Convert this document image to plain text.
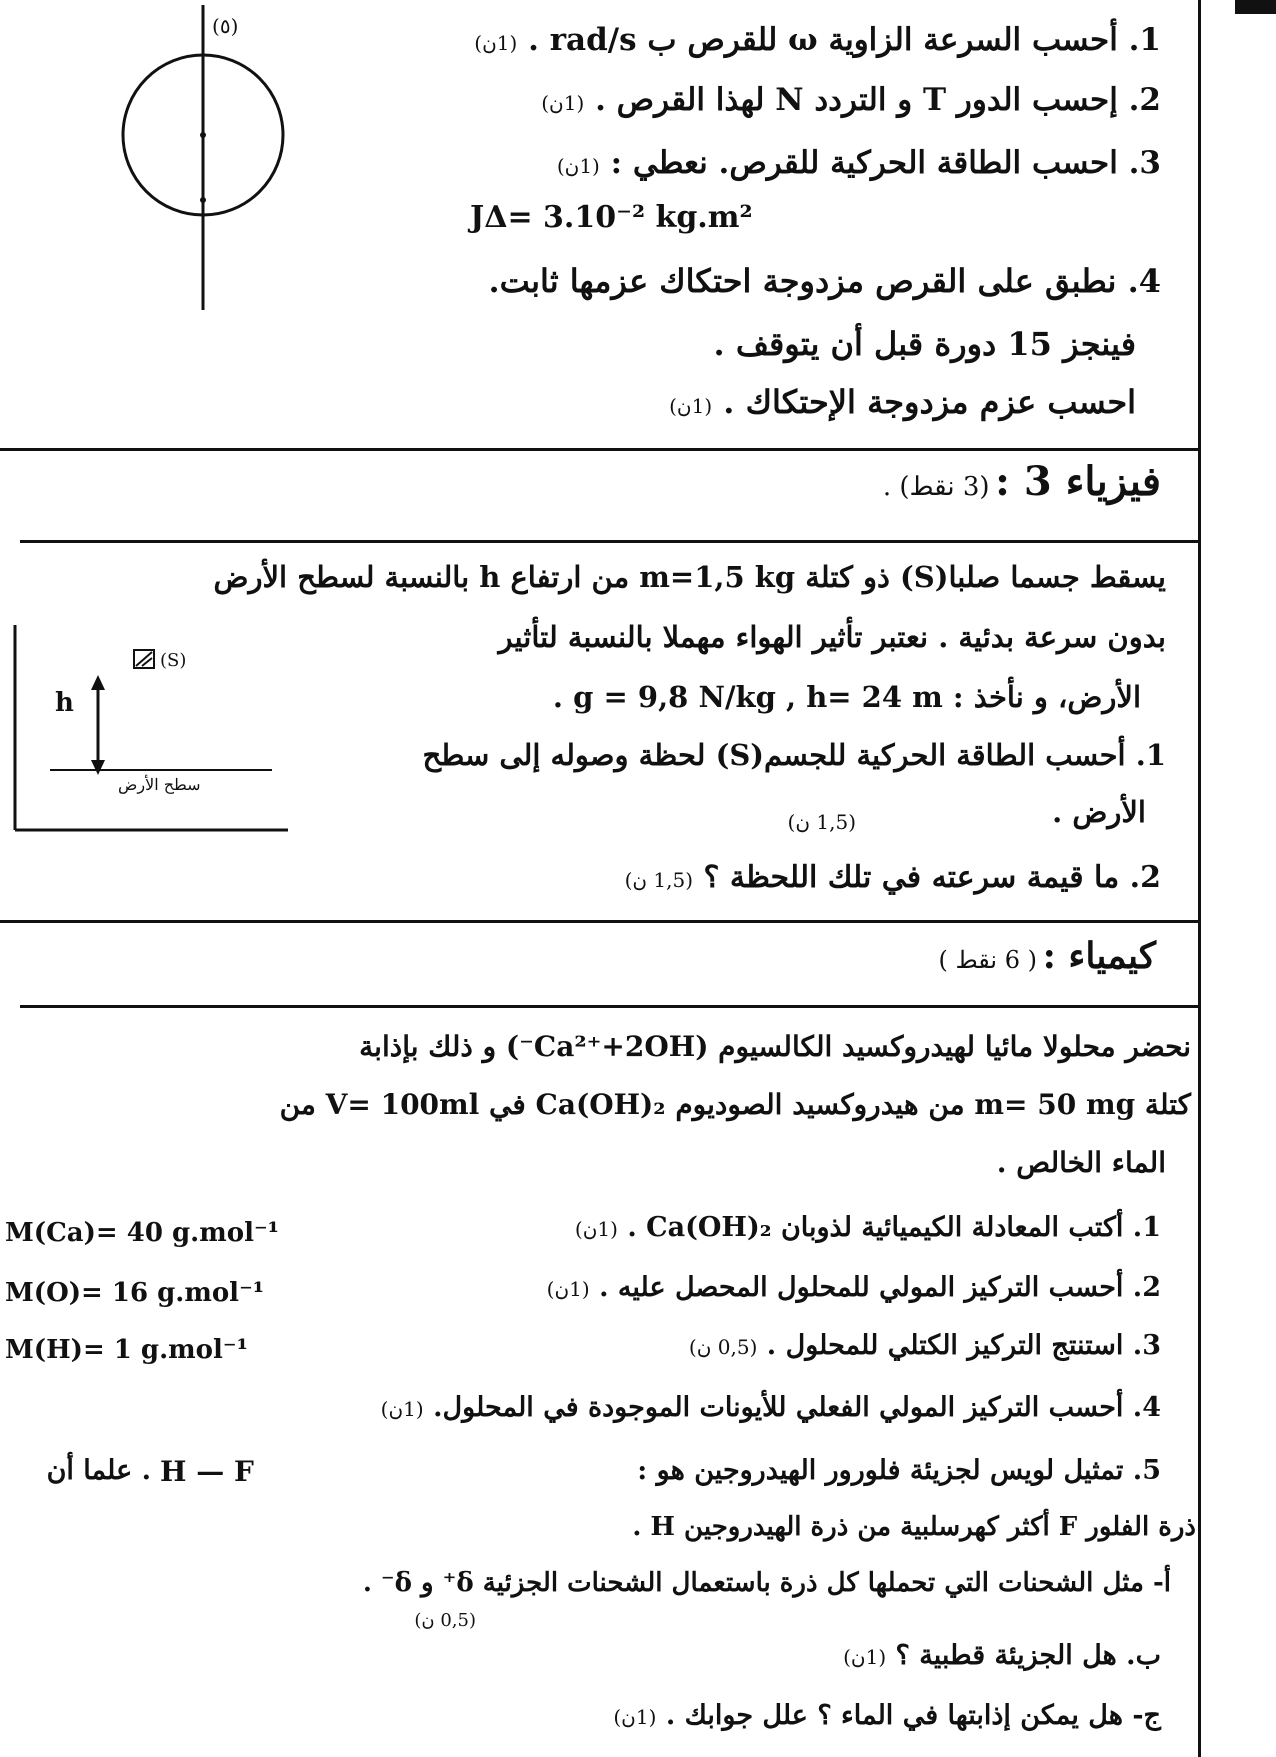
(٥)	1. أحسب السرعة الزاوية ω للقرص ب rad/s . (1ن)
2. إحسب الدور T و التردد N لهذا القرص . (1ن)
3. احسب الطاقة الحركية للقرص. نعطي : (1ن)
JΔ= 3.10⁻² kg.m²
4. نطبق على القرص مزدوجة احتكاك عزمها ثابت.
فينجز 15 دورة قبل أن يتوقف .
احسب عزم مزدوجة الإحتكاك . (1ن)
فيزياء 3 : (3 نقط) .
يسقط جسما صلبا(S) ذو كتلة m=1,5 kg من ارتفاع h بالنسبة لسطح الأرض
بدون سرعة بدئية . نعتبر تأثير الهواء مهملا بالنسبة لتأثير
الأرض، و نأخذ : g = 9,8 N/kg , h= 24 m .
h
(S)
سطح الأرض
1. أحسب الطاقة الحركية للجسم(S) لحظة وصوله إلى سطح
الأرض .
(1,5 ن)
2. ما قيمة سرعته في تلك اللحظة ؟ (1,5 ن)
كيمياء : ( 6 نقط )
نحضر محلولا مائيا لهيدروكسيد الكالسيوم (Ca²⁺+2OH⁻) و ذلك بإذابة
كتلة m= 50 mg من هيدروكسيد الصوديوم Ca(OH)₂ في V= 100ml من
الماء الخالص .
M(Ca)= 40 g.mol⁻¹
M(O)= 16 g.mol⁻¹
M(H)= 1 g.mol⁻¹
1. أكتب المعادلة الكيميائية لذوبان Ca(OH)₂ . (1ن)
2. أحسب التركيز المولي للمحلول المحصل عليه . (1ن)
3. استنتج التركيز الكتلي للمحلول . (0,5 ن)
4. أحسب التركيز المولي الفعلي للأيونات الموجودة في المحلول. (1ن)
5. تمثيل لويس لجزيئة فلورور الهيدروجين هو :
H — F
. علما أن
ذرة الفلور F أكثر كهرسلبية من ذرة الهيدروجين H .
أ- مثل الشحنات التي تحملها كل ذرة باستعمال الشحنات الجزئية δ⁺ و δ⁻ .
(0,5 ن)
ب. هل الجزيئة قطبية ؟ (1ن)
ج- هل يمكن إذابتها في الماء ؟ علل جوابك . (1ن)
